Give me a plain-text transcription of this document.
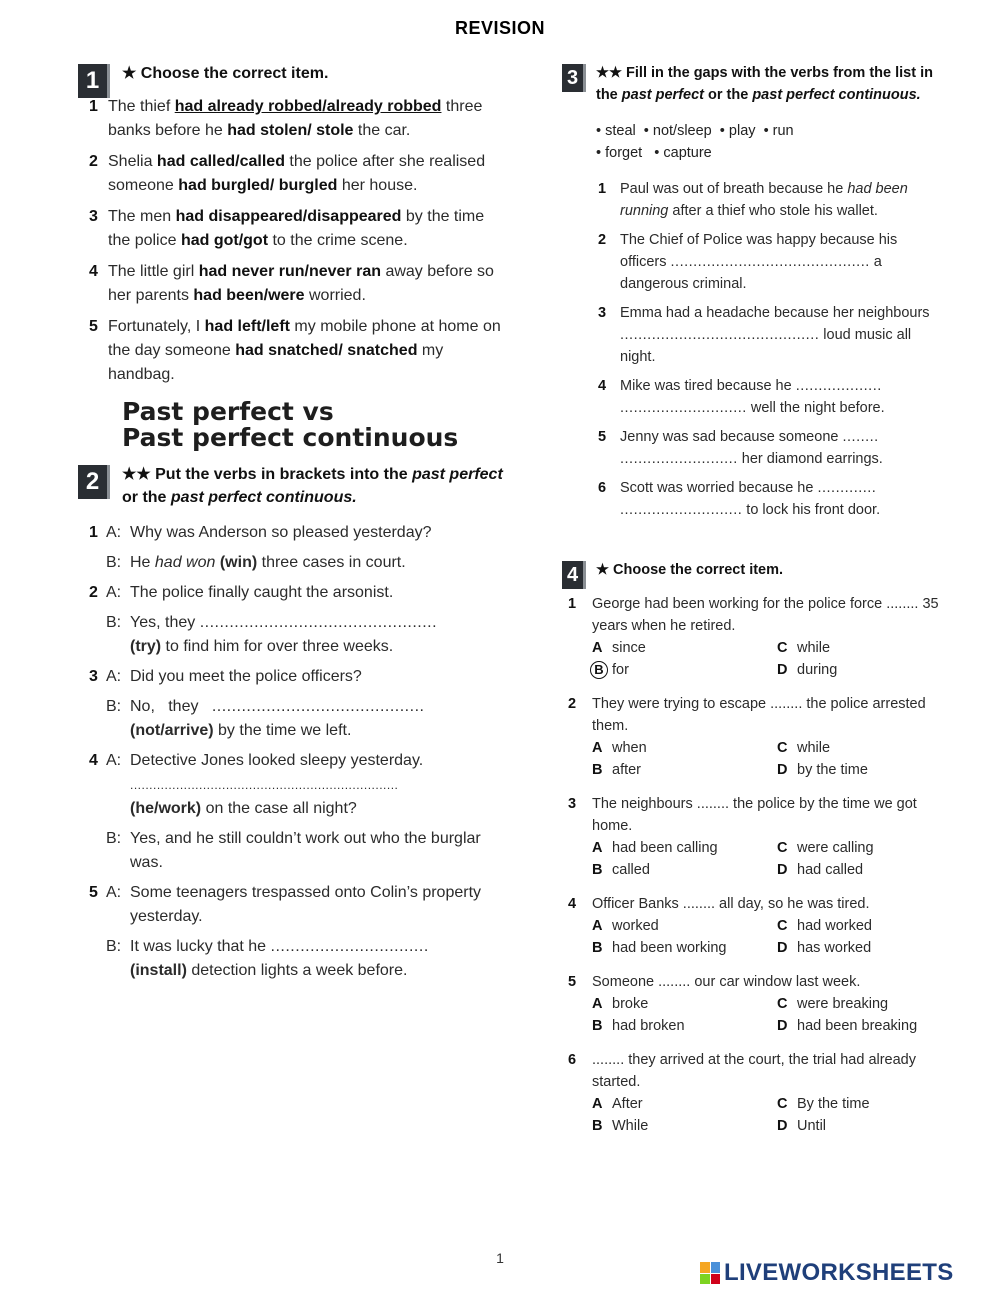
REVISION
1	★ Choose the correct item.
1 The thief had already robbed/already robbed three banks before he had stolen/ stole the car.
2 Shelia had called/called the police after she realised someone had burgled/ burgled her house.
3 The men had disappeared/disappeared by the time the police had got/got to the crime scene.
4 The little girl had never run/never ran away before so her parents had been/were worried.
5 Fortunately, I had left/left my mobile phone at home on the day someone had snatched/ snatched my handbag.
Past perfect vs
Past perfect continuous
2	★★ Put the verbs in brackets into the past perfect or the past perfect continuous.
1 A: Why was Anderson so pleased yesterday?
B: He had won (win) three cases in court.
2 A: The police finally caught the arsonist.
B: Yes, they ................................................
(try) to find him for over three weeks.
3 A: Did you meet the police officers?
B: No,   they   ...........................................
(not/arrive) by the time we left.
4 A: Detective Jones looked sleepy yesterday.
......................................................................
(he/work) on the case all night?
B: Yes, and he still couldn’t work out who the burglar was.
5 A: Some teenagers trespassed onto Colin’s property yesterday.
B: It was lucky that he ................................
(install) detection lights a week before.
3	★★ Fill in the gaps with the verbs from the list in the past perfect or the past perfect continuous.
• steal  • not/sleep  • play  • run
• forget   • capture
1 Paul was out of breath because he had been running after a thief who stole his wallet.
2 The Chief of Police was happy because his officers ............................................ a dangerous criminal.
3 Emma had a headache because her neighbours ............................................ loud music all night.
4 Mike was tired because he ................... ............................ well the night before.
5 Jenny was sad because someone ........ .......................... her diamond earrings.
6 Scott was worried because he ............. ........................... to lock his front door.
4	★ Choose the correct item.
1 George had been working for the police force ........ 35 years when he retired.
A since	C while
B for	D during
2 They were trying to escape ........ the police arrested them.
A when	C while
B after	D by the time
3 The neighbours ........ the police by the time we got home.
A had been calling	C were calling
B called	D had called
4 Officer Banks ........ all day, so he was tired.
A worked	C had worked
B had been working	D has worked
5 Someone ........ our car window last week.
A broke	C were breaking
B had broken	D had been breaking
6 ........ they arrived at the court, the trial had already started.
A After	C By the time
B While	D Until
1
LIVEWORKSHEETS
